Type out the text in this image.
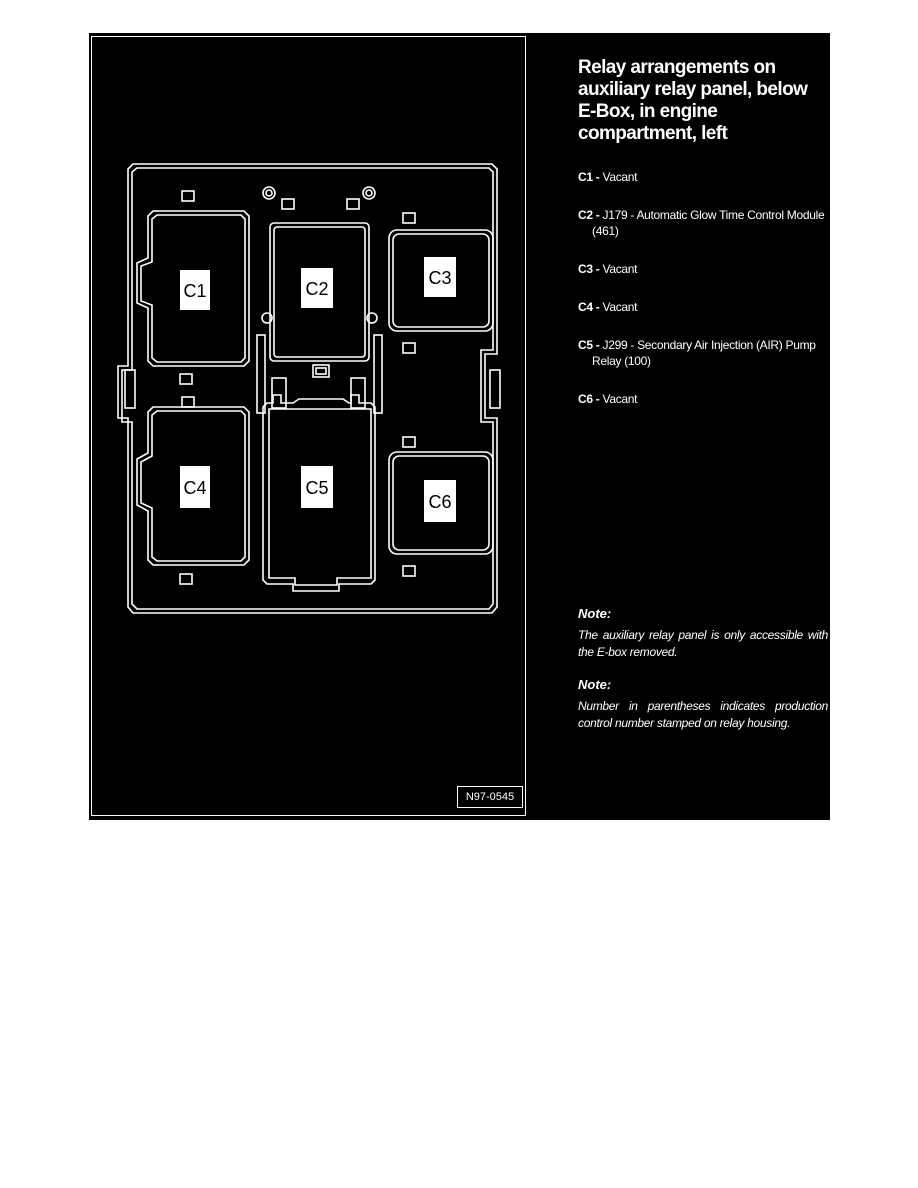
C1	C2
C3
C4	C5
C6
N97-0545
Relay arrangements on auxiliary relay panel, below E-Box, in engine compartment, left
C1 - Vacant
C2 - J179 - Automatic Glow Time Control Module (461)
C3 - Vacant
C4 - Vacant
C5 - J299 - Secondary Air Injection (AIR) Pump Relay (100)
C6 - Vacant

Note:

The auxiliary relay panel is only accessible with the E-box removed.

Note:

Number in parentheses indicates production control number stamped on relay housing.
